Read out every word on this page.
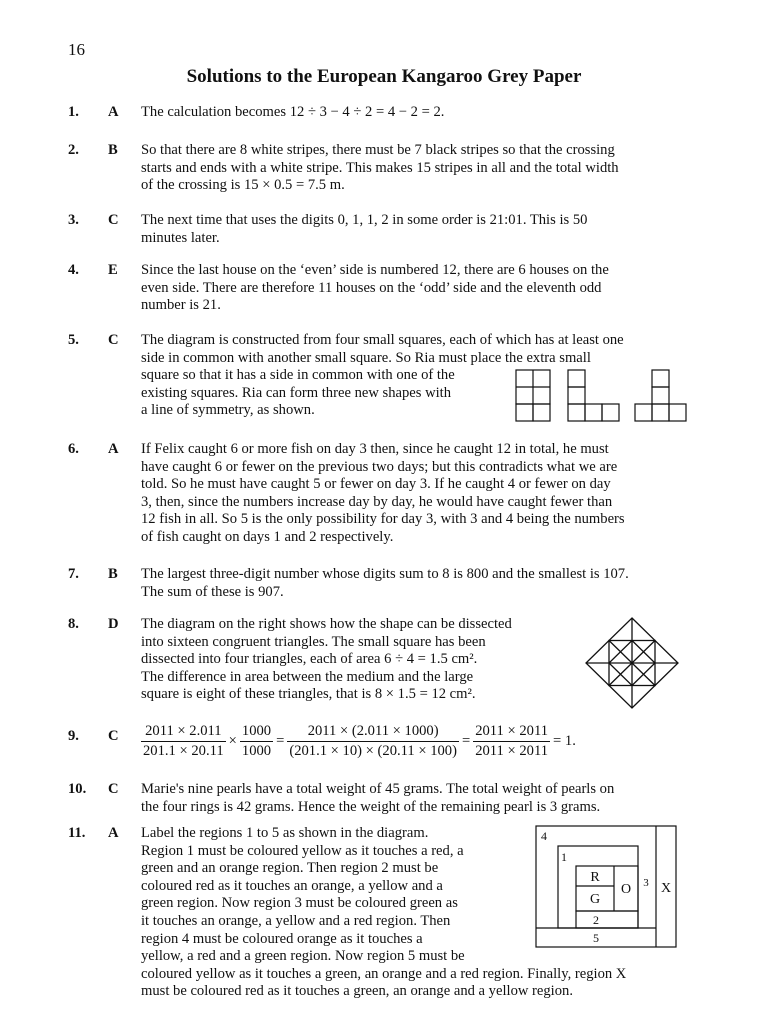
16
Solutions to the European Kangaroo Grey Paper
1. A The calculation becomes 12 ÷ 3 − 4 ÷ 2 = 4 − 2 = 2.
2. B So that there are 8 white stripes, there must be 7 black stripes so that the crossing
starts and ends with a white stripe. This makes 15 stripes in all and the total width
of the crossing is 15 × 0.5 = 7.5 m.
3. C The next time that uses the digits 0, 1, 1, 2 in some order is 21:01. This is 50
minutes later.
4. E Since the last house on the ‘even’ side is numbered 12, there are 6 houses on the
even side. There are therefore 11 houses on the ‘odd’ side and the eleventh odd
number is 21.
5. C The diagram is constructed from four small squares, each of which has at least one
side in common with another small square. So Ria must place the extra small
square so that it has a side in common with one of the
existing squares. Ria can form three new shapes with
a line of symmetry, as shown.
6. A If Felix caught 6 or more fish on day 3 then, since he caught 12 in total, he must
have caught 6 or fewer on the previous two days; but this contradicts what we are
told. So he must have caught 5 or fewer on day 3. If he caught 4 or fewer on day
3, then, since the numbers increase day by day, he would have caught fewer than
12 fish in all. So 5 is the only possibility for day 3, with 3 and 4 being the numbers
of fish caught on days 1 and 2 respectively.
7. B The largest three-digit number whose digits sum to 8 is 800 and the smallest is 107.
The sum of these is 907.
8. D The diagram on the right shows how the shape can be dissected
into sixteen congruent triangles. The small square has been
dissected into four triangles, each of area 6 ÷ 4 = 1.5 cm².
The difference in area between the medium and the large
square is eight of these triangles, that is 8 × 1.5 = 12 cm².
9. C $\frac{2011 \times 2.011}{201.1 \times 20.11} \times \frac{1000}{1000} = \frac{2011 \times (2.011 \times 1000)}{(201.1 \times 10) \times (20.11 \times 100)} = \frac{2011 \times 2011}{2011 \times 2011} = 1$.
10. C Marie's nine pearls have a total weight of 45 grams. The total weight of pearls on
the four rings is 42 grams. Hence the weight of the remaining pearl is 3 grams.
11. A Label the regions 1 to 5 as shown in the diagram.
Region 1 must be coloured yellow as it touches a red, a
green and an orange region. Then region 2 must be
coloured red as it touches an orange, a yellow and a
green region. Now region 3 must be coloured green as
it touches an orange, a yellow and a red region. Then
region 4 must be coloured orange as it touches a
yellow, a red and a green region. Now region 5 must be
coloured yellow as it touches a green, an orange and a red region. Finally, region X
must be coloured red as it touches a green, an orange and a yellow region.
4
1
R
G
O 3 X
2
5
